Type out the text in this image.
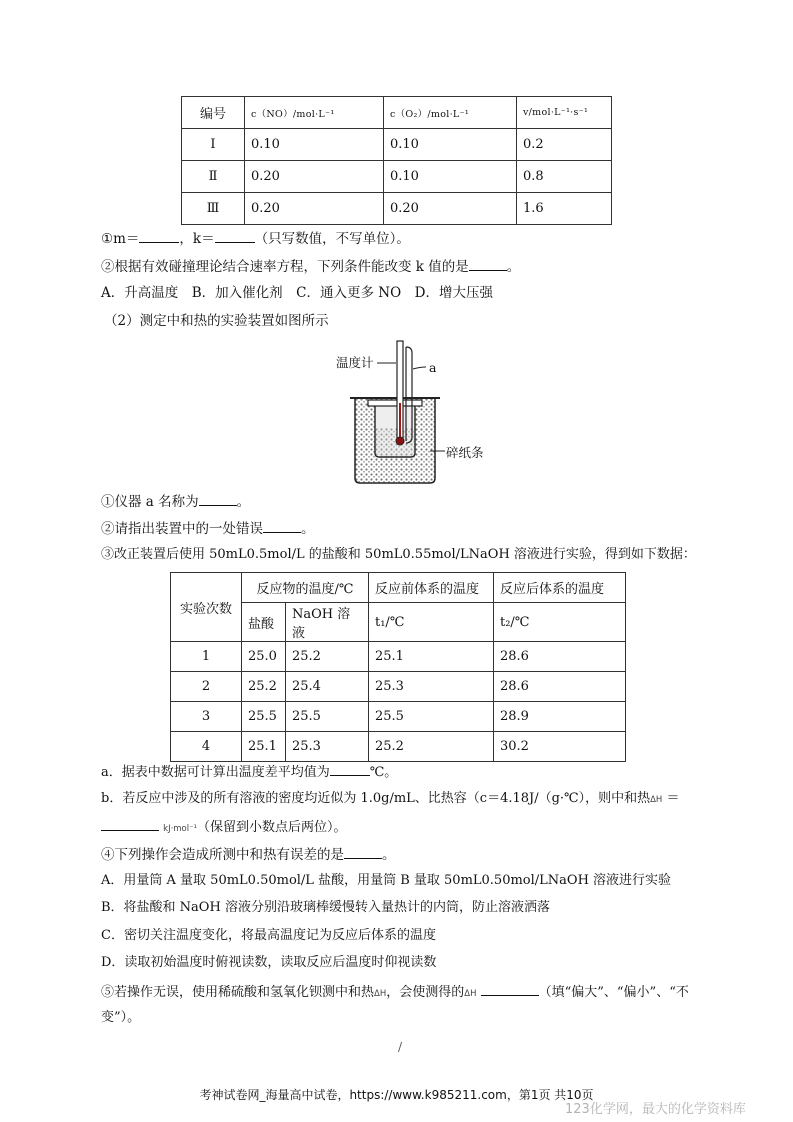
编号	c（NO）/mol·L⁻¹	c（O₂）/mol·L⁻¹	v/mol·L⁻¹·s⁻¹
Ⅰ	0.10	0.10	0.2
Ⅱ	0.20	0.10	0.8
Ⅲ	0.20	0.20	1.6
①m＝	，k＝	（只写数值，不写单位）。
②根据有效碰撞理论结合速率方程，下列条件能改变 k 值的是	。
A．升高温度　B．加入催化剂　C．通入更多 NO　D．增大压强
（2）测定中和热的实验装置如图所示
温度计	a
碎纸条
①仪器 a 名称为	。
②请指出装置中的一处错误	。
③改正装置后使用 50mL0.5mol/L 的盐酸和 50mL0.55mol/LNaOH 溶液进行实验，得到如下数据：
实验次数	反应物的温度/℃		反应前体系的温度	反应后体系的温度
	盐酸	NaOH 溶液	t₁/℃	t₂/℃
1	25.0	25.2	25.1	28.6
2	25.2	25.4	25.3	28.6
3	25.5	25.5	25.5	28.9
4	25.1	25.3	25.2	30.2
a．据表中数据可计算出温度差平均值为	℃。
b．若反应中涉及的所有溶液的密度均近似为 1.0g/mL、比热容（c＝4.18J/（g·℃），则中和热ΔH ＝
kJ·mol⁻¹（保留到小数点后两位）。
④下列操作会造成所测中和热有误差的是	。
A．用量筒 A 量取 50mL0.50mol/L 盐酸，用量筒 B 量取 50mL0.50mol/LNaOH 溶液进行实验
B．将盐酸和 NaOH 溶液分别沿玻璃棒缓慢转入量热计的内筒，防止溶液洒落
C．密切关注温度变化，将最高温度记为反应后体系的温度
D．读取初始温度时俯视读数，读取反应后温度时仰视读数
⑤若操作无误，使用稀硫酸和氢氧化钡测中和热ΔH，会使测得的ΔH	（填“偏大”、“偏小”、“不
变”）。
/
考神试卷网_海量高中试卷，https://www.k985211.com，第1页 共10页
123化学网，最大的化学资料库
